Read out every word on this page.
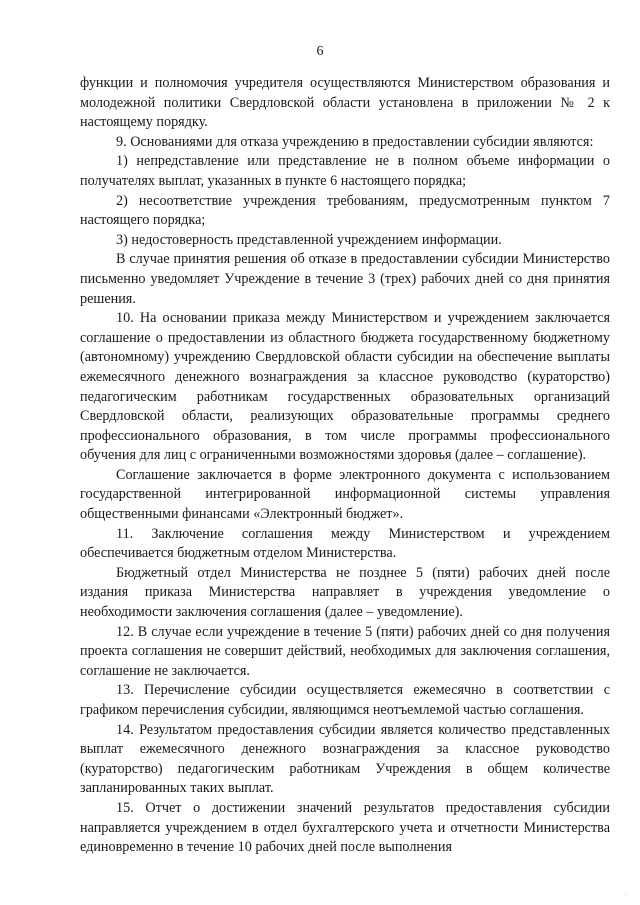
6

функции и полномочия учредителя осуществляются Министерством образования и молодежной политики Свердловской области установлена в приложении № 2 к настоящему порядку.

9. Основаниями для отказа учреждению в предоставлении субсидии являются:

1) непредставление или представление не в полном объеме информации о получателях выплат, указанных в пункте 6 настоящего порядка;

2) несоответствие учреждения требованиям, предусмотренным пунктом 7 настоящего порядка;

3) недостоверность представленной учреждением информации.

В случае принятия решения об отказе в предоставлении субсидии Министерство письменно уведомляет Учреждение в течение 3 (трех) рабочих дней со дня принятия решения.

10. На основании приказа между Министерством и учреждением заключается соглашение о предоставлении из областного бюджета государственному бюджетному (автономному) учреждению Свердловской области субсидии на обеспечение выплаты ежемесячного денежного вознаграждения за классное руководство (кураторство) педагогическим работникам государственных образовательных организаций Свердловской области, реализующих образовательные программы среднего профессионального образования, в том числе программы профессионального обучения для лиц с ограниченными возможностями здоровья (далее – соглашение).

Соглашение заключается в форме электронного документа с использованием государственной интегрированной информационной системы управления общественными финансами «Электронный бюджет».

11. Заключение соглашения между Министерством и учреждением обеспечивается бюджетным отделом Министерства.

Бюджетный отдел Министерства не позднее 5 (пяти) рабочих дней после издания приказа Министерства направляет в учреждения уведомление о необходимости заключения соглашения (далее – уведомление).

12. В случае если учреждение в течение 5 (пяти) рабочих дней со дня получения проекта соглашения не совершит действий, необходимых для заключения соглашения, соглашение не заключается.

13. Перечисление субсидии осуществляется ежемесячно в соответствии с графиком перечисления субсидии, являющимся неотъемлемой частью соглашения.

14. Результатом предоставления субсидии является количество представленных выплат ежемесячного денежного вознаграждения за классное руководство (кураторство) педагогическим работникам Учреждения в общем количестве запланированных таких выплат.

15. Отчет о достижении значений результатов предоставления субсидии направляется учреждением в отдел бухгалтерского учета и отчетности Министерства единовременно в течение 10 рабочих дней после выполнения

·
